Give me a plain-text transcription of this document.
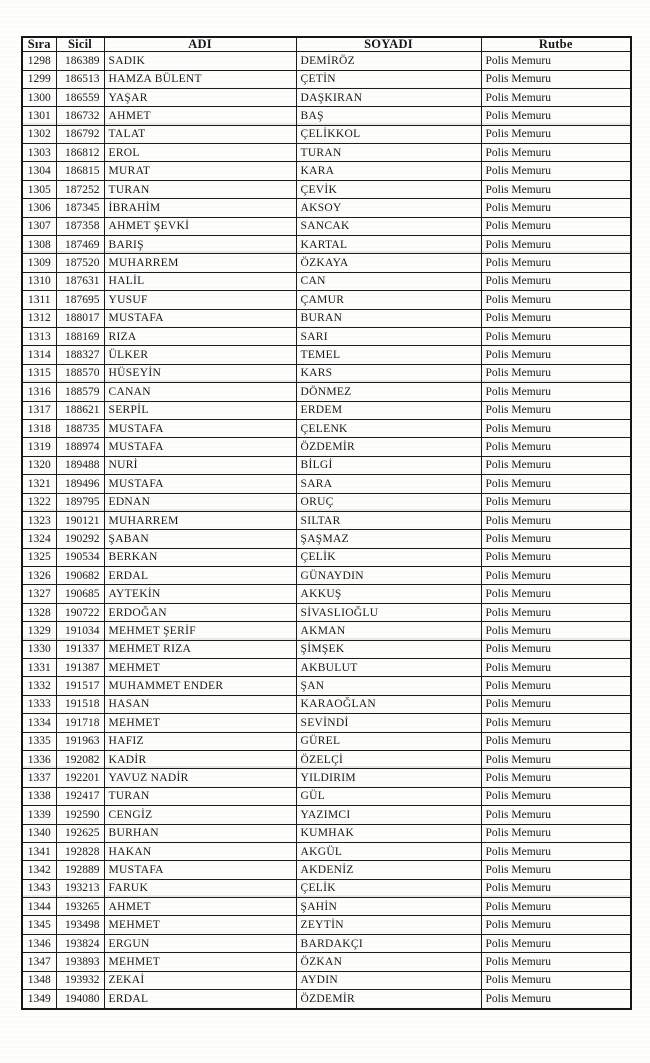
Sıra	Sicil	ADI	SOYADI	Rutbe
1298	186389	SADIK	DEMİRÖZ	Polis Memuru
1299	186513	HAMZA BÜLENT	ÇETİN	Polis Memuru
1300	186559	YAŞAR	DAŞKIRAN	Polis Memuru
1301	186732	AHMET	BAŞ	Polis Memuru
1302	186792	TALAT	ÇELİKKOL	Polis Memuru
1303	186812	EROL	TURAN	Polis Memuru
1304	186815	MURAT	KARA	Polis Memuru
1305	187252	TURAN	ÇEVİK	Polis Memuru
1306	187345	İBRAHİM	AKSOY	Polis Memuru
1307	187358	AHMET ŞEVKİ	SANCAK	Polis Memuru
1308	187469	BARIŞ	KARTAL	Polis Memuru
1309	187520	MUHARREM	ÖZKAYA	Polis Memuru
1310	187631	HALİL	CAN	Polis Memuru
1311	187695	YUSUF	ÇAMUR	Polis Memuru
1312	188017	MUSTAFA	BURAN	Polis Memuru
1313	188169	RIZA	SARI	Polis Memuru
1314	188327	ÜLKER	TEMEL	Polis Memuru
1315	188570	HÜSEYİN	KARS	Polis Memuru
1316	188579	CANAN	DÖNMEZ	Polis Memuru
1317	188621	SERPİL	ERDEM	Polis Memuru
1318	188735	MUSTAFA	ÇELENK	Polis Memuru
1319	188974	MUSTAFA	ÖZDEMİR	Polis Memuru
1320	189488	NURİ	BİLGİ	Polis Memuru
1321	189496	MUSTAFA	SARA	Polis Memuru
1322	189795	EDNAN	ORUÇ	Polis Memuru
1323	190121	MUHARREM	SILTAR	Polis Memuru
1324	190292	ŞABAN	ŞAŞMAZ	Polis Memuru
1325	190534	BERKAN	ÇELİK	Polis Memuru
1326	190682	ERDAL	GÜNAYDIN	Polis Memuru
1327	190685	AYTEKİN	AKKUŞ	Polis Memuru
1328	190722	ERDOĞAN	SİVASLIOĞLU	Polis Memuru
1329	191034	MEHMET ŞERİF	AKMAN	Polis Memuru
1330	191337	MEHMET RIZA	ŞİMŞEK	Polis Memuru
1331	191387	MEHMET	AKBULUT	Polis Memuru
1332	191517	MUHAMMET ENDER	ŞAN	Polis Memuru
1333	191518	HASAN	KARAOĞLAN	Polis Memuru
1334	191718	MEHMET	SEVİNDİ	Polis Memuru
1335	191963	HAFIZ	GÜREL	Polis Memuru
1336	192082	KADİR	ÖZELÇİ	Polis Memuru
1337	192201	YAVUZ NADİR	YILDIRIM	Polis Memuru
1338	192417	TURAN	GÜL	Polis Memuru
1339	192590	CENGİZ	YAZIMCI	Polis Memuru
1340	192625	BURHAN	KUMHAK	Polis Memuru
1341	192828	HAKAN	AKGÜL	Polis Memuru
1342	192889	MUSTAFA	AKDENİZ	Polis Memuru
1343	193213	FARUK	ÇELİK	Polis Memuru
1344	193265	AHMET	ŞAHİN	Polis Memuru
1345	193498	MEHMET	ZEYTİN	Polis Memuru
1346	193824	ERGUN	BARDAKÇI	Polis Memuru
1347	193893	MEHMET	ÖZKAN	Polis Memuru
1348	193932	ZEKAİ	AYDIN	Polis Memuru
1349	194080	ERDAL	ÖZDEMİR	Polis Memuru
